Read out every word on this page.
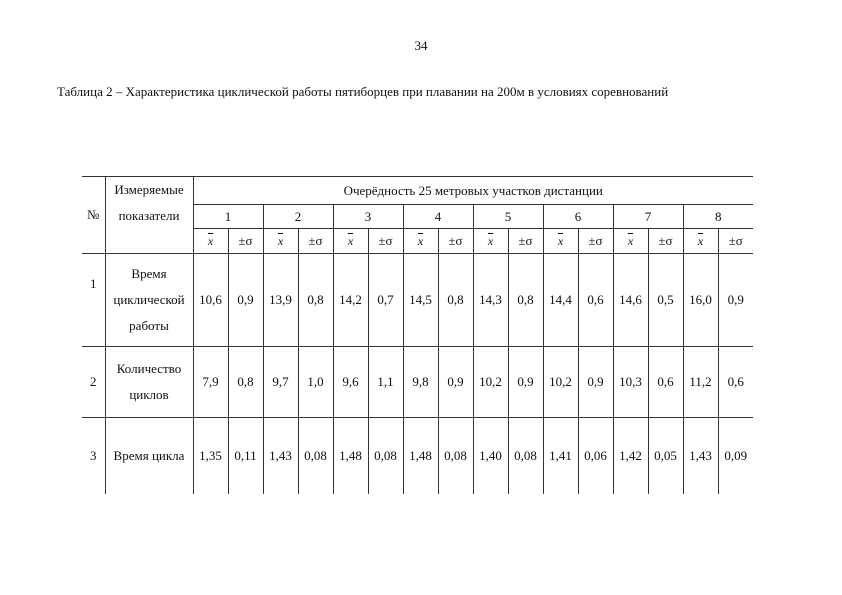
34
Таблица 2 – Характеристика циклической работы пятиборцев при плавании на 200м в условиях соревнований
№	Измеряемые
показатели	Очерёдность 25 метровых участков дистанции															
		1		2		3		4		5		6		7		8	
		x	±σ	x	±σ	x	±σ	x	±σ	x	±σ	x	±σ	x	±σ	x	±σ
1	Время
циклической
работы	10,6	0,9	13,9	0,8	14,2	0,7	14,5	0,8	14,3	0,8	14,4	0,6	14,6	0,5	16,0	0,9
2	Количество
циклов	7,9	0,8	9,7	1,0	9,6	1,1	9,8	0,9	10,2	0,9	10,2	0,9	10,3	0,6	11,2	0,6
3	Время цикла	1,35	0,11	1,43	0,08	1,48	0,08	1,48	0,08	1,40	0,08	1,41	0,06	1,42	0,05	1,43	0,09
